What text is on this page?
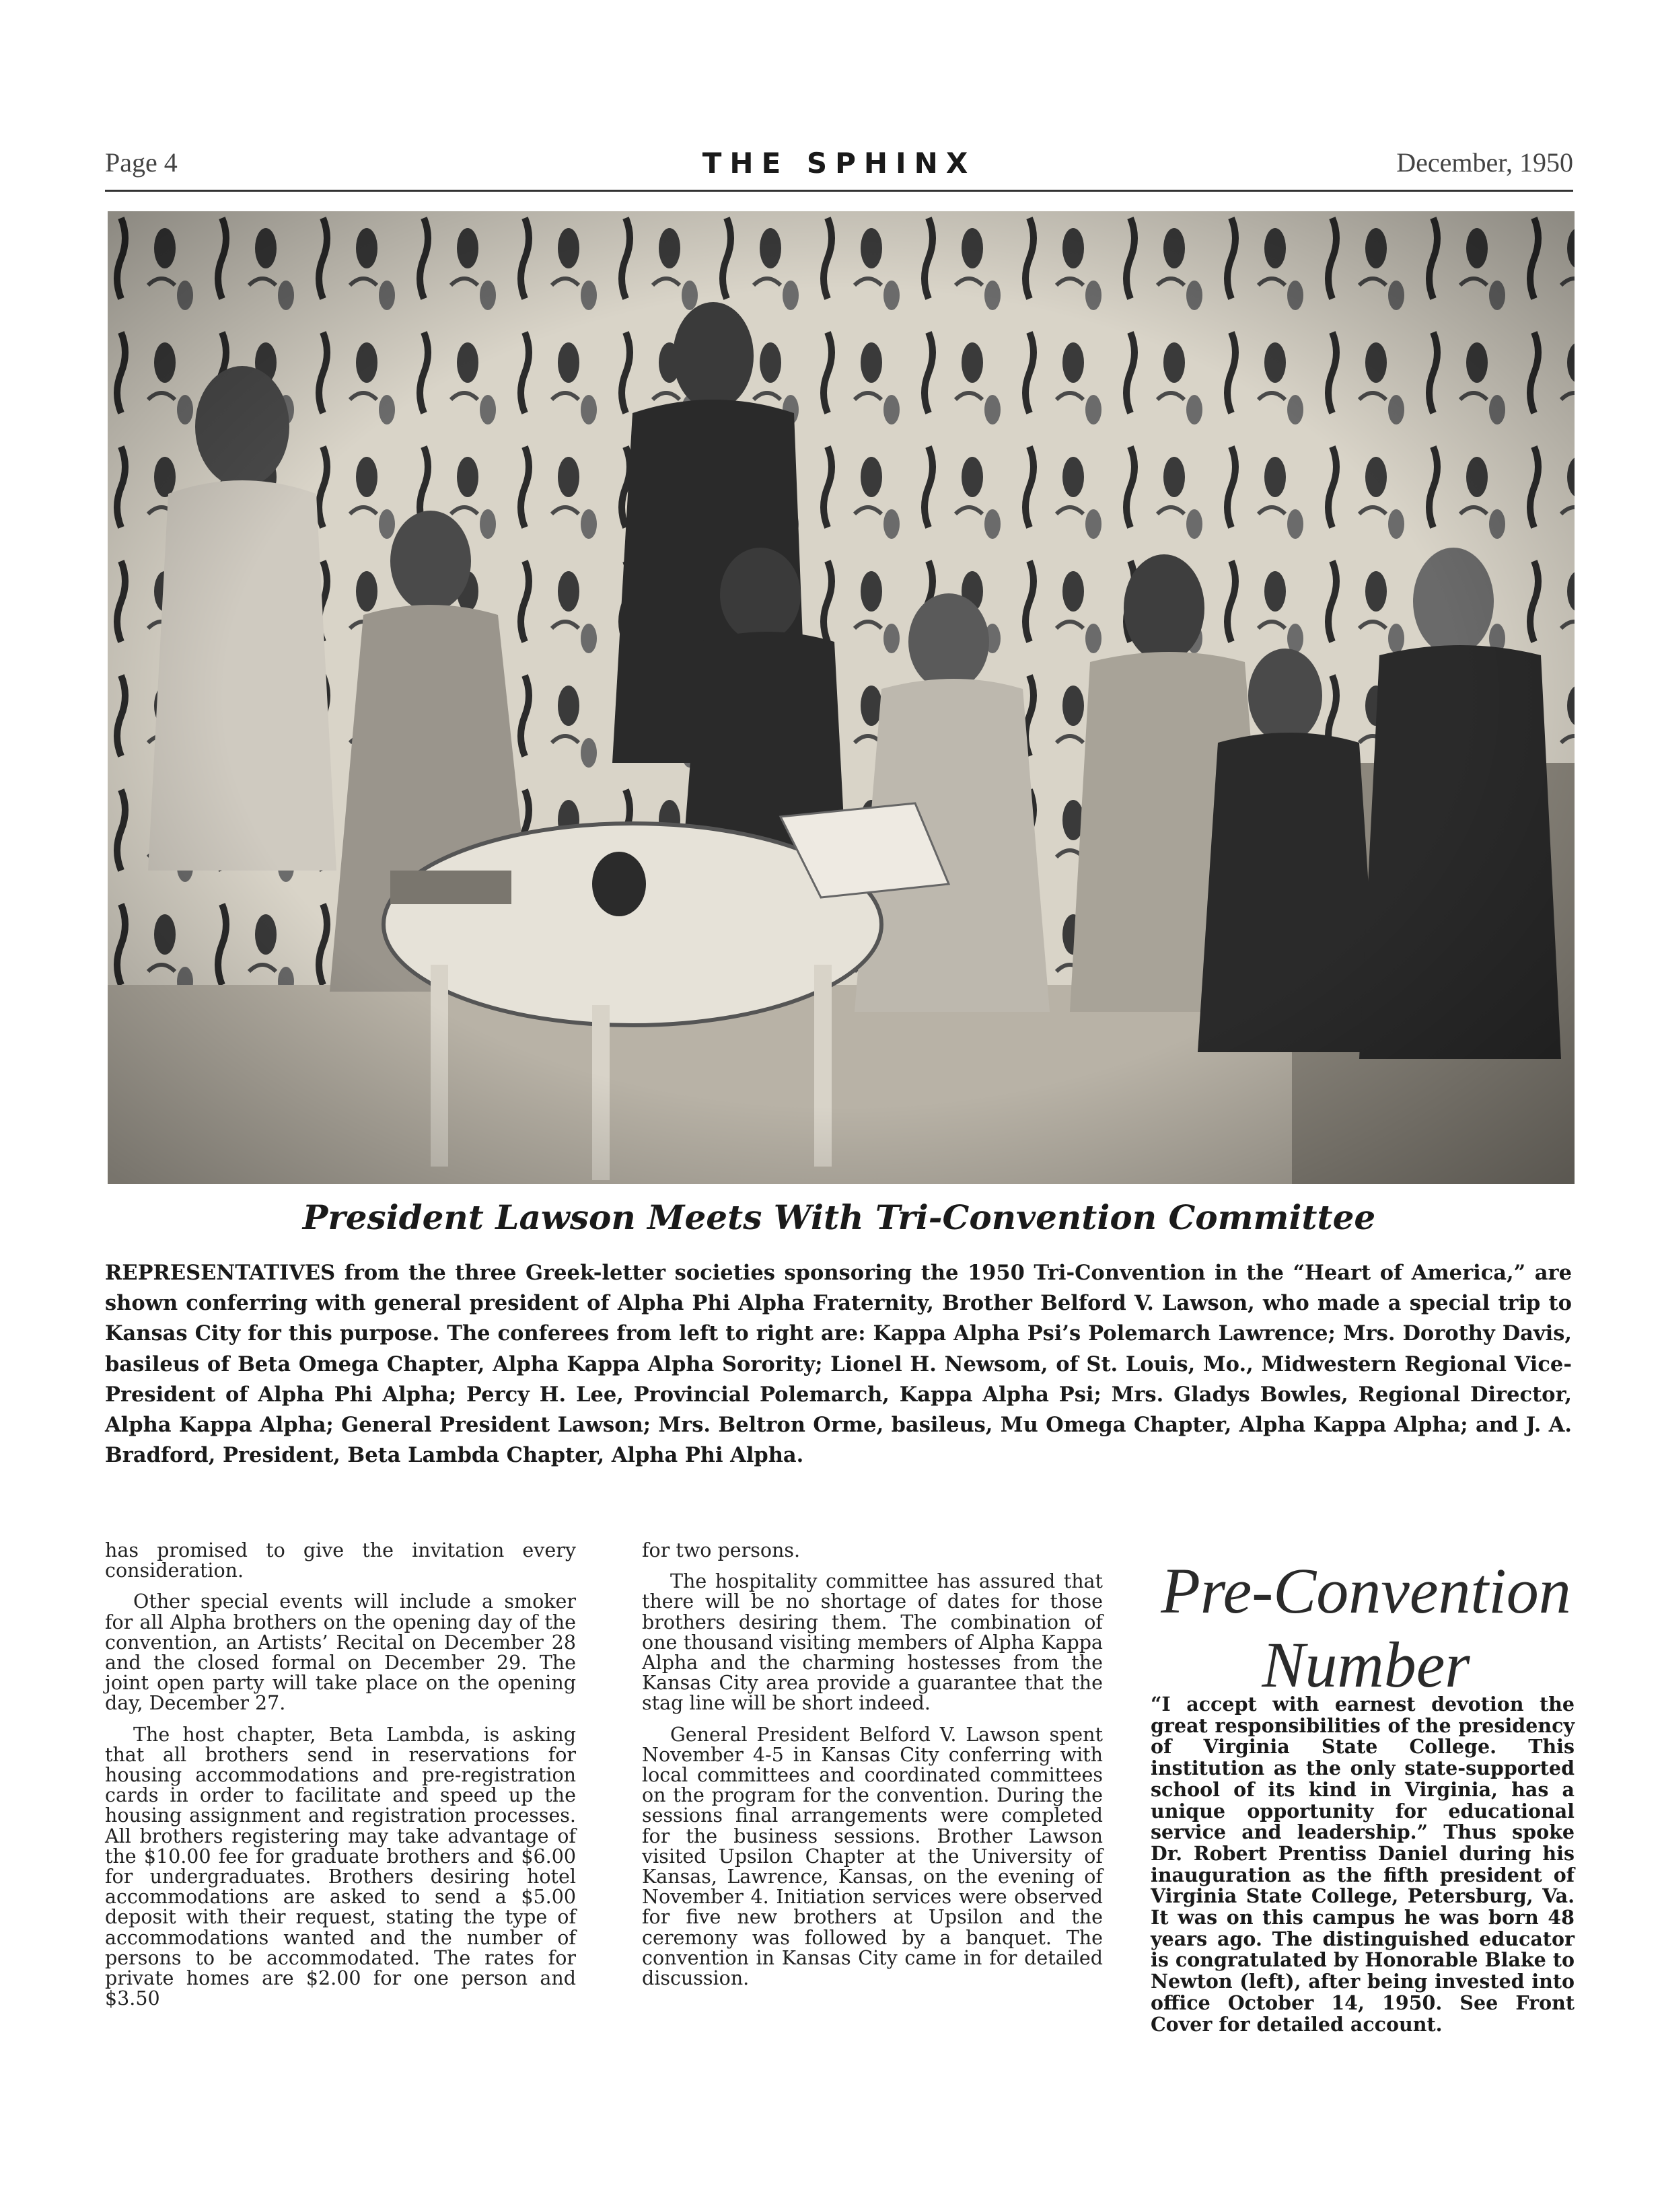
Page 4	THE SPHINX	December, 1950
President Lawson Meets With Tri-Convention Committee
REPRESENTATIVES from the three Greek-letter societies sponsoring the 1950 Tri-Convention in the “Heart of America,” are shown conferring with general president of Alpha Phi Alpha Fraternity, Brother Belford V. Lawson, who made a special trip to Kansas City for this purpose. The conferees from left to right are: Kappa Alpha Psi’s Polemarch Lawrence; Mrs. Dorothy Davis, basileus of Beta Omega Chapter, Alpha Kappa Alpha Sorority; Lionel H. Newsom, of St. Louis, Mo., Midwestern Regional Vice-President of Alpha Phi Alpha; Percy H. Lee, Provincial Polemarch, Kappa Alpha Psi; Mrs. Gladys Bowles, Regional Director, Alpha Kappa Alpha; General President Lawson; Mrs. Beltron Orme, basileus, Mu Omega Chapter, Alpha Kappa Alpha; and J. A. Bradford, President, Beta Lambda Chapter, Alpha Phi Alpha.

has promised to give the invitation every consideration.

Other special events will include a smoker for all Alpha brothers on the opening day of the convention, an Artists’ Recital on December 28 and the closed formal on December 29. The joint open party will take place on the opening day, December 27.

The host chapter, Beta Lambda, is asking that all brothers send in reservations for housing accommodations and pre-registration cards in order to facilitate and speed up the housing assignment and registration processes. All brothers registering may take advantage of the $10.00 fee for graduate brothers and $6.00 for undergraduates. Brothers desiring hotel accommodations are asked to send a $5.00 deposit with their request, stating the type of accommodations wanted and the number of persons to be accommodated. The rates for private homes are $2.00 for one person and $3.50

for two persons.

The hospitality committee has assured that there will be no shortage of dates for those brothers desiring them. The combination of one thousand visiting members of Alpha Kappa Alpha and the charming hostesses from the Kansas City area provide a guarantee that the stag line will be short indeed.

General President Belford V. Lawson spent November 4-5 in Kansas City conferring with local committees and coordinated committees on the program for the convention. During the sessions final arrangements were completed for the business sessions. Brother Lawson visited Upsilon Chapter at the University of Kansas, Lawrence, Kansas, on the evening of November 4. Initiation services were observed for five new brothers at Upsilon and the ceremony was followed by a banquet. The convention in Kansas City came in for detailed discussion.

Pre-Convention
Number
“I accept with earnest devotion the great responsibilities of the presidency of Virginia State College. This institution as the only state-supported school of its kind in Virginia, has a unique opportunity for educational service and leadership.” Thus spoke Dr. Robert Prentiss Daniel during his inauguration as the fifth president of Virginia State College, Petersburg, Va. It was on this campus he was born 48 years ago. The distinguished educator is congratulated by Honorable Blake to Newton (left), after being invested into office October 14, 1950. See Front Cover for detailed account.
